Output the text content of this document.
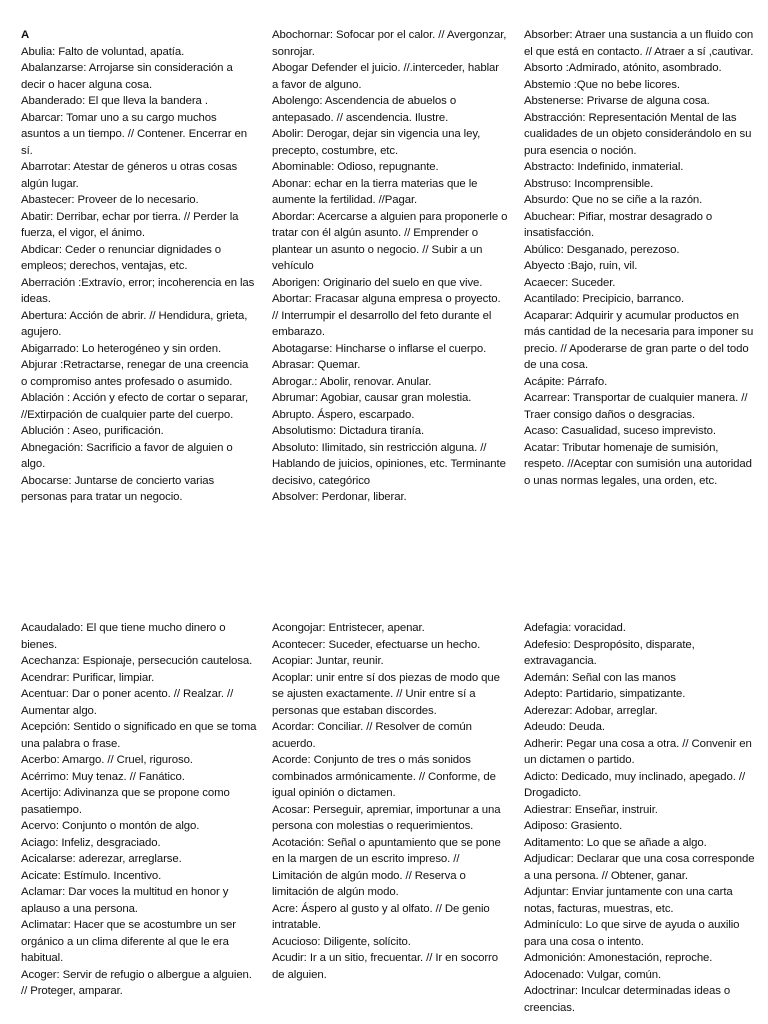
A

Abulia: Falto de voluntad, apatía.

Abalanzarse: Arrojarse sin consideración a decir o hacer alguna cosa.

Abanderado: El que lleva la bandera .

Abarcar: Tomar uno a su cargo muchos asuntos a un tiempo. // Contener. Encerrar en sí.

Abarrotar: Atestar de géneros u otras cosas algún lugar.

Abastecer: Proveer de lo necesario.

Abatir: Derribar, echar por tierra. // Perder la fuerza, el vigor, el ánimo.

Abdicar: Ceder o renunciar dignidades o empleos; derechos, ventajas, etc.

Aberración :Extravío, error; incoherencia en las ideas.

Abertura: Acción de abrir. // Hendidura, grieta, agujero.

Abigarrado: Lo heterogéneo y sin orden.

Abjurar :Retractarse, renegar de una creencia o compromiso antes profesado o asumido.

Ablación : Acción y efecto de cortar o separar, //Extirpación de cualquier parte del cuerpo.

Ablución : Aseo, purificación.

Abnegación: Sacrificio a favor de alguien o algo.

Abocarse: Juntarse de concierto varias personas para tratar un negocio.

Abochornar: Sofocar por el calor. // Avergonzar, sonrojar.

Abogar Defender el juicio. //.interceder, hablar a favor de alguno.

Abolengo: Ascendencia de abuelos o antepasado. // ascendencia. Ilustre.

Abolir: Derogar, dejar sin vigencia una ley, precepto, costumbre, etc.

Abominable: Odioso, repugnante.

Abonar: echar en la tierra materias que le aumente la fertilidad. //Pagar.

Abordar: Acercarse a alguien para proponerle o tratar con él algún asunto. // Emprender o plantear un asunto o negocio. // Subir a un vehículo

Aborigen: Originario del suelo en que vive.

Abortar: Fracasar alguna empresa o proyecto. // Interrumpir el desarrollo del feto durante el embarazo.

Abotagarse: Hincharse o inflarse el cuerpo.

Abrasar: Quemar.

Abrogar.: Abolir, renovar. Anular.

Abrumar: Agobiar, causar gran molestia.

Abrupto. Áspero, escarpado.

Absolutismo: Dictadura tiranía.

Absoluto: Ilimitado, sin restricción alguna. // Hablando de juicios, opiniones, etc. Terminante decisivo, categórico

Absolver: Perdonar, liberar.

Absorber: Atraer una sustancia a un fluido con el que está en contacto. // Atraer a sí ,cautivar.

Absorto :Admirado, atónito, asombrado.

Abstemio :Que no bebe licores.

Abstenerse: Privarse de alguna cosa.

Abstracción: Representación Mental de las cualidades de un objeto considerándolo en su pura esencia o noción.

Abstracto: Indefinido, inmaterial.

Abstruso: Incomprensible.

Absurdo: Que no se ciñe a la razón.

Abuchear: Pifiar, mostrar desagrado o insatisfacción.

Abúlico: Desganado, perezoso.

Abyecto :Bajo, ruin, vil.

Acaecer: Suceder.

Acantilado: Precipicio, barranco.

Acaparar: Adquirir y acumular productos en más cantidad de la necesaria para imponer su precio. // Apoderarse de gran parte o del todo de una cosa.

Acápite: Párrafo.

Acarrear: Transportar de cualquier manera. // Traer consigo daños o desgracias.

Acaso: Casualidad, suceso imprevisto.

Acatar: Tributar homenaje de sumisión, respeto. //Aceptar con sumisión una autoridad o unas normas legales, una orden, etc.

Acaudalado: El que tiene mucho dinero o bienes.

Acechanza: Espionaje, persecución cautelosa.

Acendrar: Purificar, limpiar.

Acentuar: Dar o poner acento. // Realzar. // Aumentar algo.

Acepción: Sentido o significado en que se toma una palabra o frase.

Acerbo: Amargo. // Cruel, riguroso.

Acérrimo: Muy tenaz. // Fanático.

Acertijo: Adivinanza que se propone como pasatiempo.

Acervo: Conjunto o montón de algo.

Aciago: Infeliz, desgraciado.

Acicalarse: aderezar, arreglarse.

Acicate: Estímulo. Incentivo.

Aclamar: Dar voces la multitud en honor y aplauso a una persona.

Aclimatar: Hacer que se acostumbre un ser orgánico a un clima diferente al que le era habitual.

Acoger: Servir de refugio o albergue a alguien. // Proteger, amparar.

Acongojar: Entristecer, apenar.

Acontecer: Suceder, efectuarse un hecho.

Acopiar: Juntar, reunir.

Acoplar: unir entre sí dos piezas de modo que se ajusten exactamente. // Unir entre sí a personas que estaban discordes.

Acordar: Conciliar. // Resolver de común acuerdo.

Acorde: Conjunto de tres o más sonidos combinados armónicamente. // Conforme, de igual opinión o dictamen.

Acosar: Perseguir, apremiar, importunar a una persona con molestias o requerimientos.

Acotación: Señal o apuntamiento que se pone en la margen de un escrito impreso. // Limitación de algún modo. // Reserva o limitación de algún modo.

Acre: Áspero al gusto y al olfato. // De genio intratable.

Acucioso: Diligente, solícito.

Acudir: Ir a un sitio, frecuentar. // Ir en socorro de alguien.

Adefagia: voracidad.

Adefesio: Despropósito, disparate, extravagancia.

Ademán: Señal con las manos

Adepto: Partidario, simpatizante.

Aderezar: Adobar, arreglar.

Adeudo: Deuda.

Adherir: Pegar una cosa a otra. // Convenir en un dictamen o partido.

Adicto: Dedicado, muy inclinado, apegado. // Drogadicto.

Adiestrar: Enseñar, instruir.

Adiposo: Grasiento.

Aditamento: Lo que se añade a algo.

Adjudicar: Declarar que una cosa corresponde a una persona. // Obtener, ganar.

Adjuntar: Enviar juntamente con una carta notas, facturas, muestras, etc.

Adminículo: Lo que sirve de ayuda o auxilio para una cosa o intento.

Admonición: Amonestación, reproche.

Adocenado: Vulgar, común.

Adoctrinar: Inculcar determinadas ideas o creencias.
